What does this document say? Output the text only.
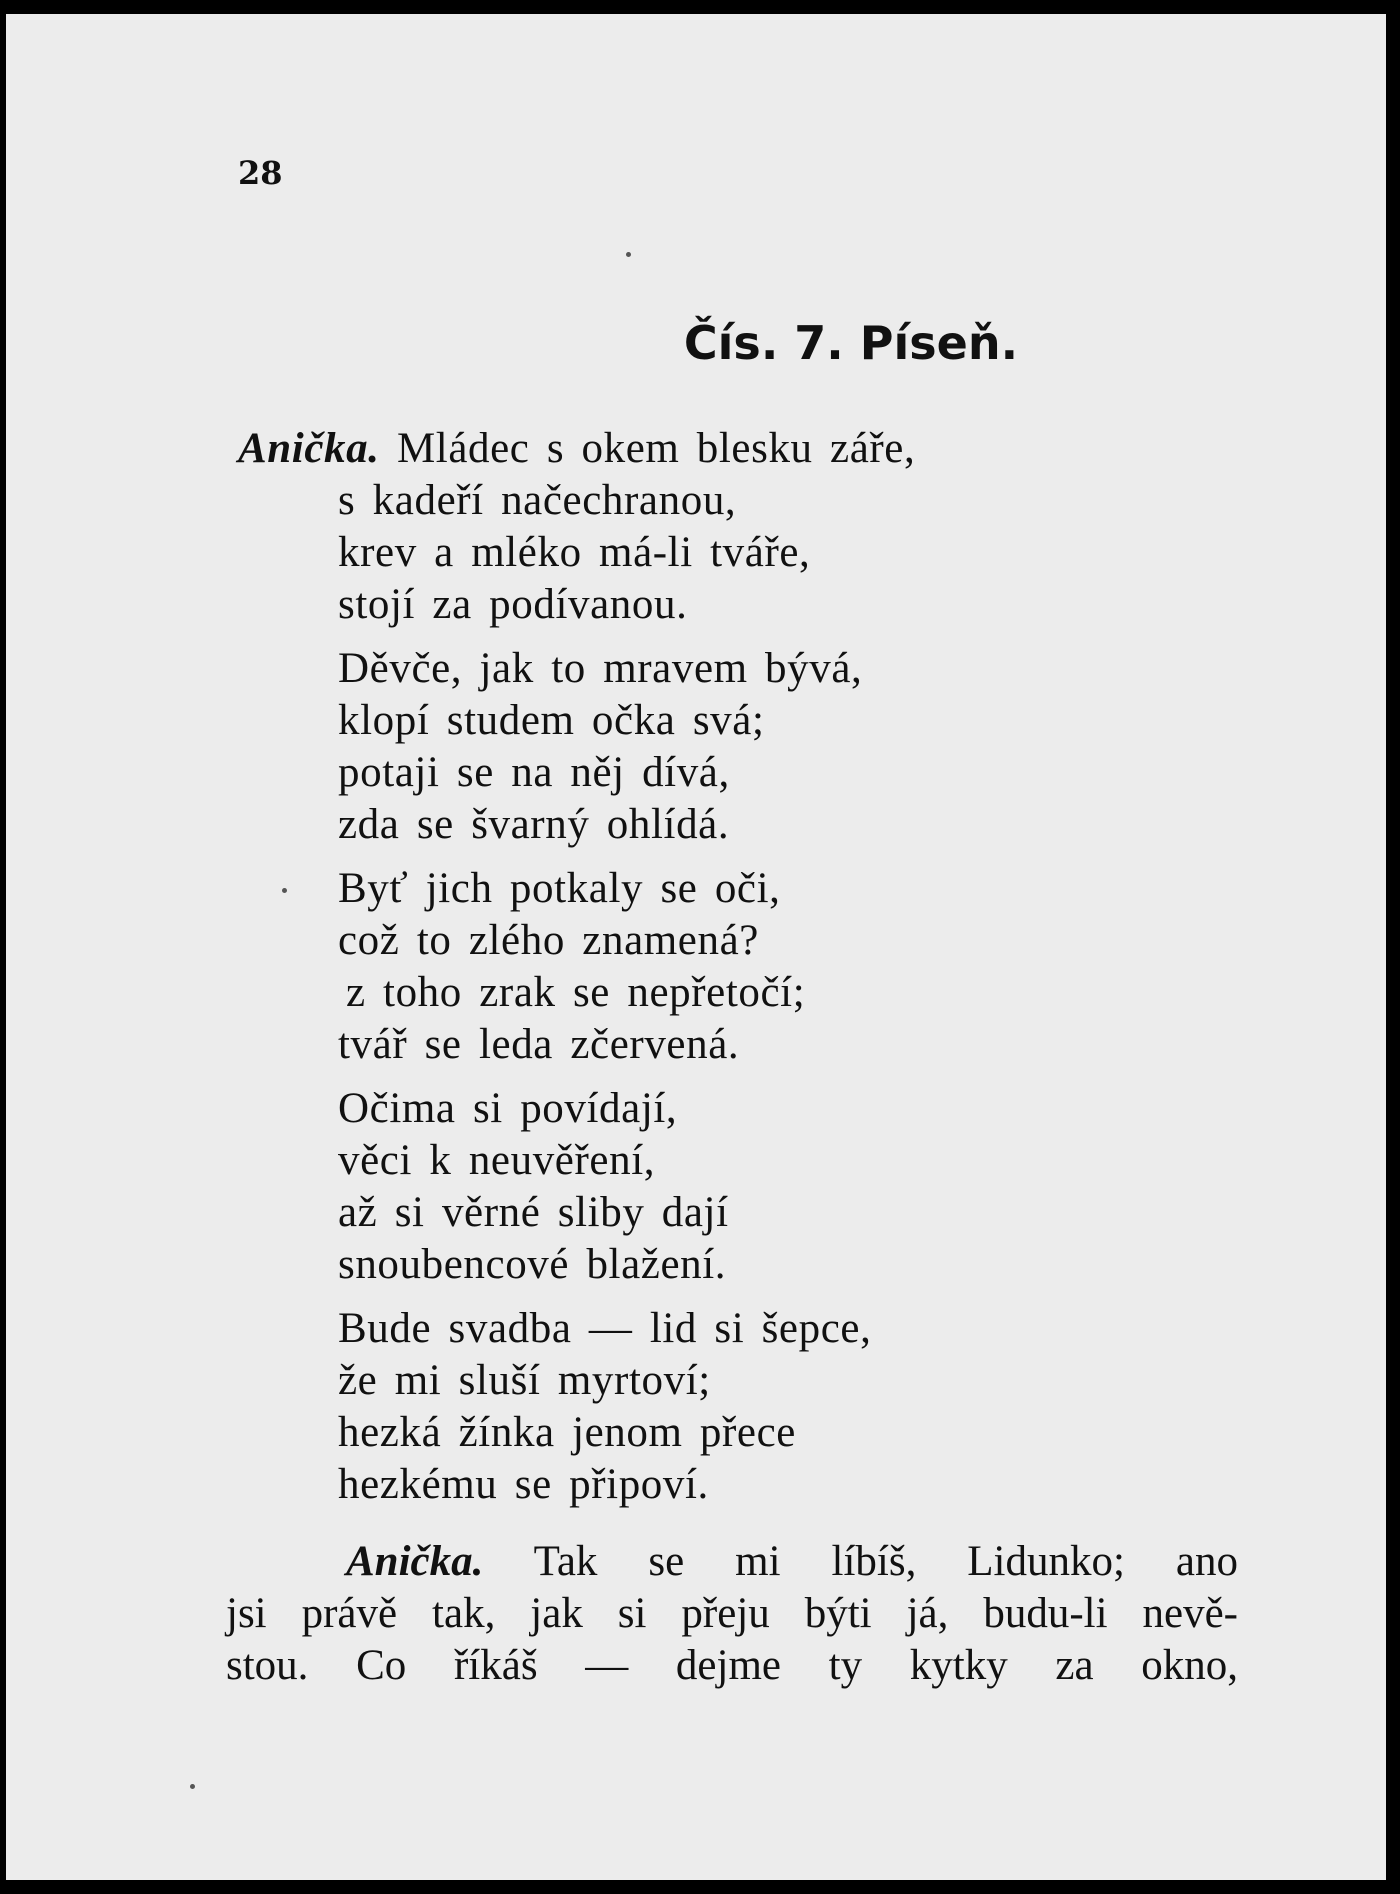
28
Čís. 7. Píseň.
Anička. Mládec s okem blesku záře,
s kadeří načechranou,
krev a mléko má-li tváře,
stojí za podívanou.
Děvče, jak to mravem bývá,
klopí studem očka svá;
potaji se na něj dívá,
zda se švarný ohlídá.
Byť jich potkaly se oči,
což to zlého znamená?
z toho zrak se nepřetočí;
tvář se leda zčervená.
Očima si povídají,
věci k neuvěření,
až si věrné sliby dají
snoubencové blažení.
Bude svadba — lid si šepce,
že mi sluší myrtoví;
hezká žínka jenom přece
hezkému se připoví.
Anička. Tak se mi líbíš, Lidunko; ano
jsi právě tak, jak si přeju býti já, budu-li nevě-
stou. Co říkáš — dejme ty kytky za okno,
